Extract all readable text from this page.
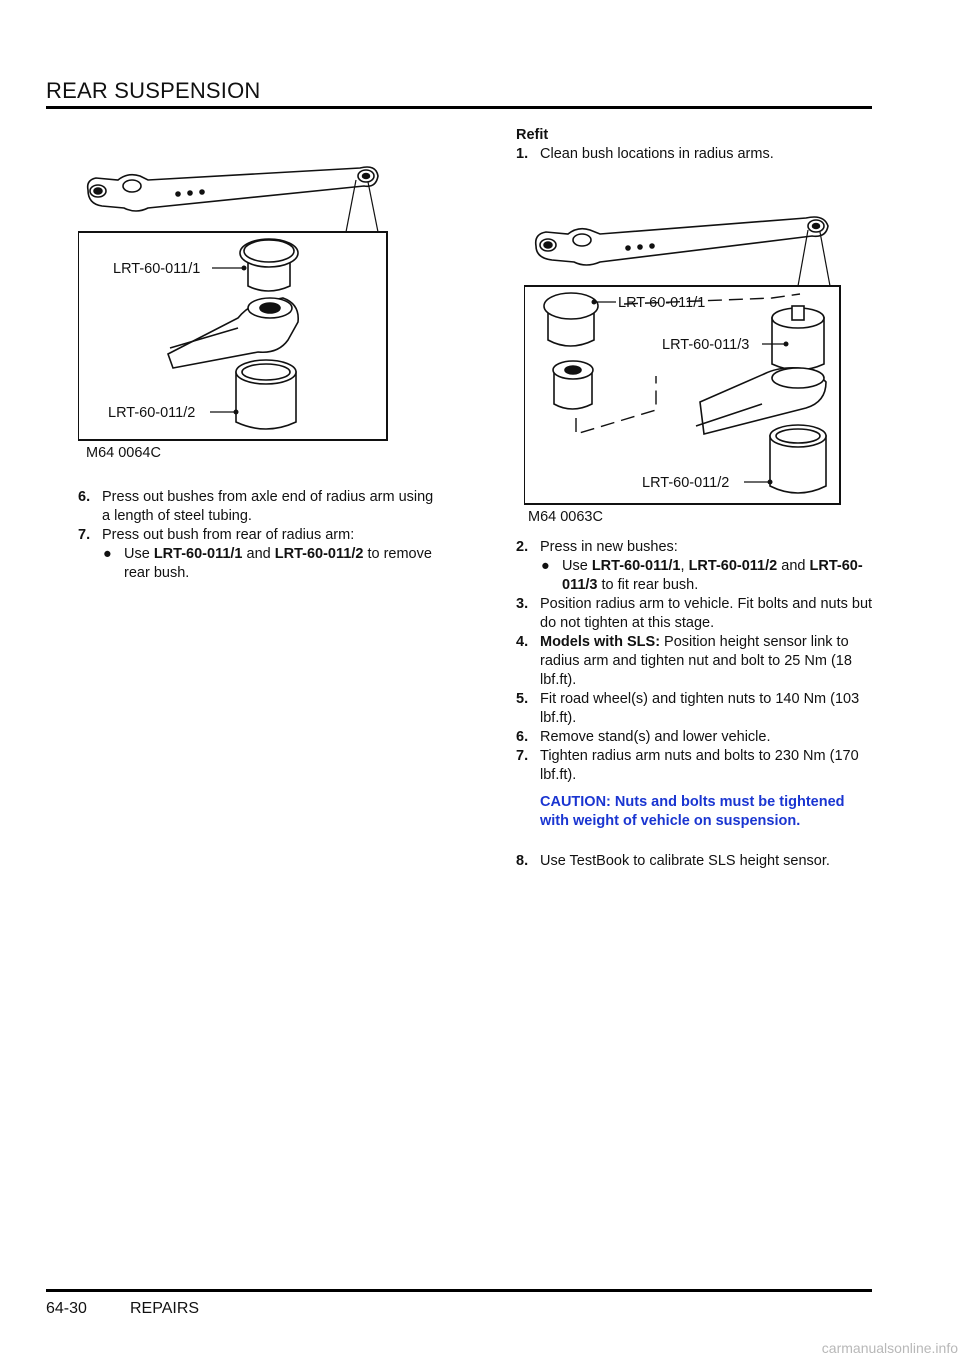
REAR SUSPENSION
LRT-60-011/1
LRT-60-011/2
M64 0064C
6. Press out bushes from axle end of radius arm using a length of steel tubing.
7. Press out bush from rear of radius arm:
● Use LRT-60-011/1 and LRT-60-011/2 to remove rear bush.
Refit
1. Clean bush locations in radius arms.
LRT-60-011/1
LRT-60-011/3
LRT-60-011/2
M64 0063C
2. Press in new bushes:
● Use LRT-60-011/1, LRT-60-011/2 and LRT-60-011/3 to fit rear bush.
3. Position radius arm to vehicle. Fit bolts and nuts but do not tighten at this stage.
4. Models with SLS: Position height sensor link to radius arm and tighten nut and bolt to 25 Nm (18 lbf.ft).
5. Fit road wheel(s) and tighten nuts to 140 Nm (103 lbf.ft).
6. Remove stand(s) and lower vehicle.
7. Tighten radius arm nuts and bolts to 230 Nm (170 lbf.ft).
CAUTION: Nuts and bolts must be tightened with weight of vehicle on suspension.
8. Use TestBook to calibrate SLS height sensor.
64-30	REPAIRS
carmanualsonline.info
